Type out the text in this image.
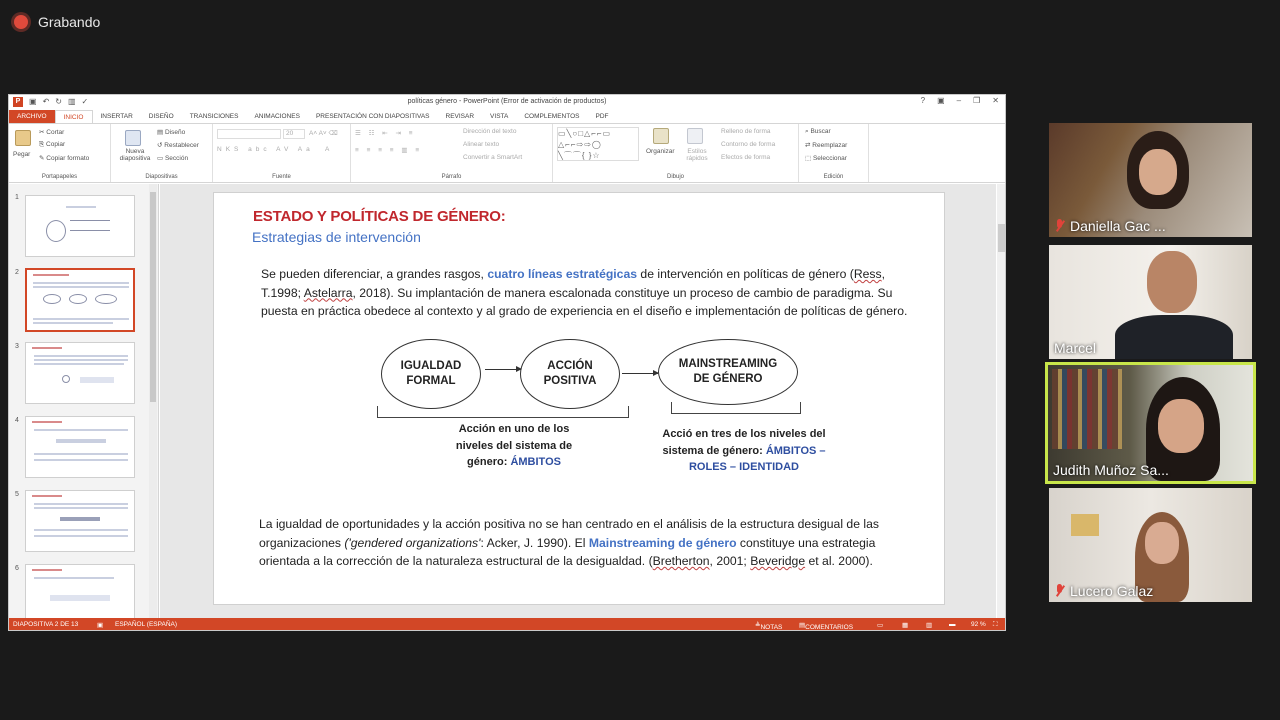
Grabando
P	▣ ↶ ↻ ▥ ✓	políticas género - PowerPoint (Error de activación de productos)	? ▣ – ❐ ✕
ARCHIVO	INICIO	INSERTAR	DISEÑO	TRANSICIONES	ANIMACIONES	PRESENTACIÓN CON DIAPOSITIVAS	REVISAR	VISTA	COMPLEMENTOS	PDF
Pegar
✂ Cortar
⎘ Copiar
✎ Copiar formato
Portapapeles
Nueva diapositiva
▤ Diseño
↺ Restablecer
▭ Sección
Diapositivas
20	A˄ A˅ ⌫
NKS abc AV Aa A
Fuente
☰ ☷ ⇤ ⇥ ≡
≡ ≡ ≡ ≡ ▥ ≡
Dirección del texto
Alinear texto
Convertir a SmartArt
Párrafo
▭╲○□△⌐⌐▭
△⌐⌐⇨⇨◯
╲⌒⌒{ }☆	Organizar	Estilos rápidos
Relleno de forma
Contorno de forma
Efectos de forma
Dibujo
⌕ Buscar
⇄ Reemplazar
⬚ Seleccionar
Edición
1
2
3
4
5
6
ESTADO Y POLÍTICAS DE GÉNERO:
Estrategias de intervención
Se pueden diferenciar, a grandes rasgos, cuatro líneas estratégicas de intervención en políticas de género (Ress, T.1998; Astelarra, 2018). Su implantación de manera escalonada constituye un proceso de cambio de paradigma. Su puesta en práctica obedece al contexto y al grado de experiencia en el diseño e implementación de políticas de género.
IGUALDAD
FORMAL
ACCIÓN
POSITIVA
MAINSTREAMING
DE GÉNERO
Acción en uno de los
niveles del sistema de
género: ÁMBITOS
Acció en tres de los niveles del
sistema de género: ÁMBITOS –
ROLES – IDENTIDAD
La igualdad de oportunidades y la acción positiva no se han centrado en el análisis de la estructura desigual de las organizaciones ('gendered organizations': Acker, J. 1990). El Mainstreaming de género constituye una estrategia orientada a la corrección de la naturaleza estructural de la desigualdad. (Bretherton, 2001; Beveridge et al. 2000).
DIAPOSITIVA 2 DE 13	▣ ESPAÑOL (ESPAÑA)	≜ NOTAS	▤ COMENTARIOS	▭	▦	▥	▬ 92 % ⛶
Daniella Gac ...
Marcel
Judith Muñoz Sa...
Lucero Galaz
